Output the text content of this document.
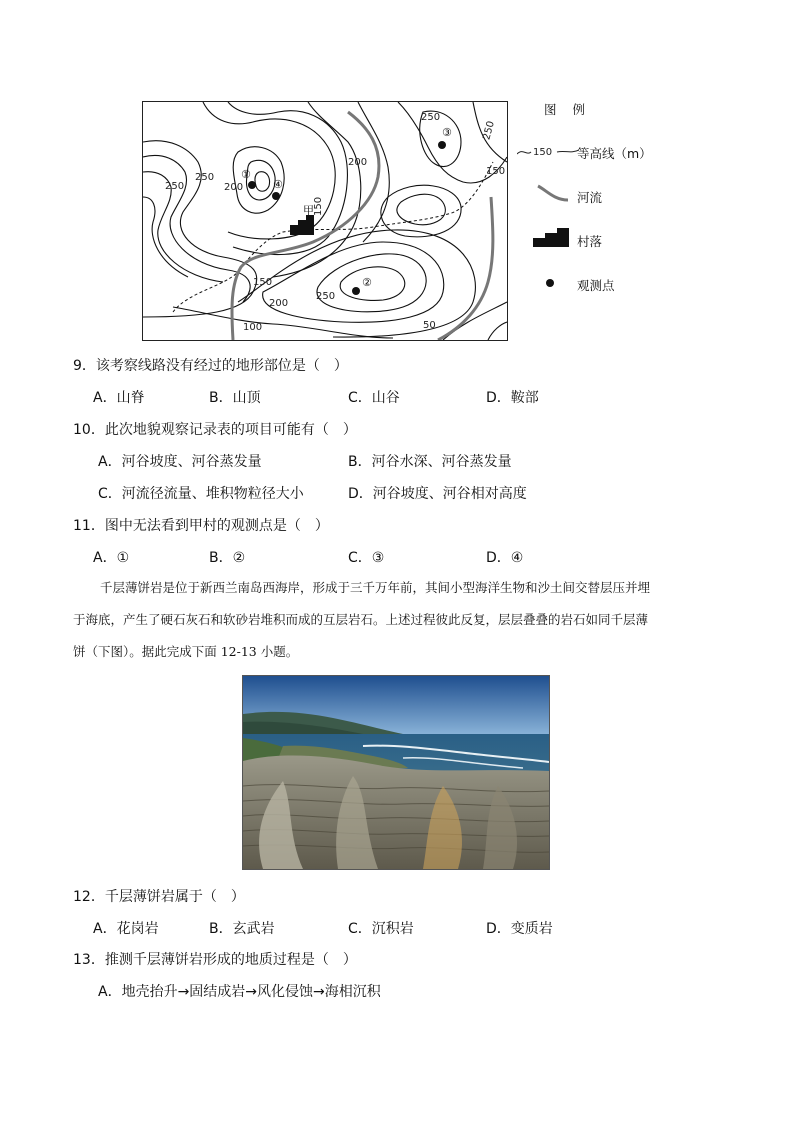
250
250
250
200
200
150
150
150
250
200
100	50
250
①
④
③
②
甲
图 例
150 等高线（m）
河流
村落
观测点
9．该考察线路没有经过的地形部位是（　）
A．山脊	B．山顶	C．山谷	D．鞍部
10．此次地貌观察记录表的项目可能有（　）
A．河谷坡度、河谷蒸发量	B．河谷水深、河谷蒸发量
C．河流径流量、堆积物粒径大小	D．河谷坡度、河谷相对高度
11．图中无法看到甲村的观测点是（　）
A．①	B．②	C．③	D．④
千层薄饼岩是位于新西兰南岛西海岸，形成于三千万年前，其间小型海洋生物和沙土间交替层压并埋
于海底，产生了硬石灰石和软砂岩堆积而成的互层岩石。上述过程彼此反复，层层叠叠的岩石如同千层薄
饼（下图）。据此完成下面 12-13 小题。
12．千层薄饼岩属于（　）
A．花岗岩	B．玄武岩	C．沉积岩	D．变质岩
13．推测千层薄饼岩形成的地质过程是（　）
A．地壳抬升→固结成岩→风化侵蚀→海相沉积
